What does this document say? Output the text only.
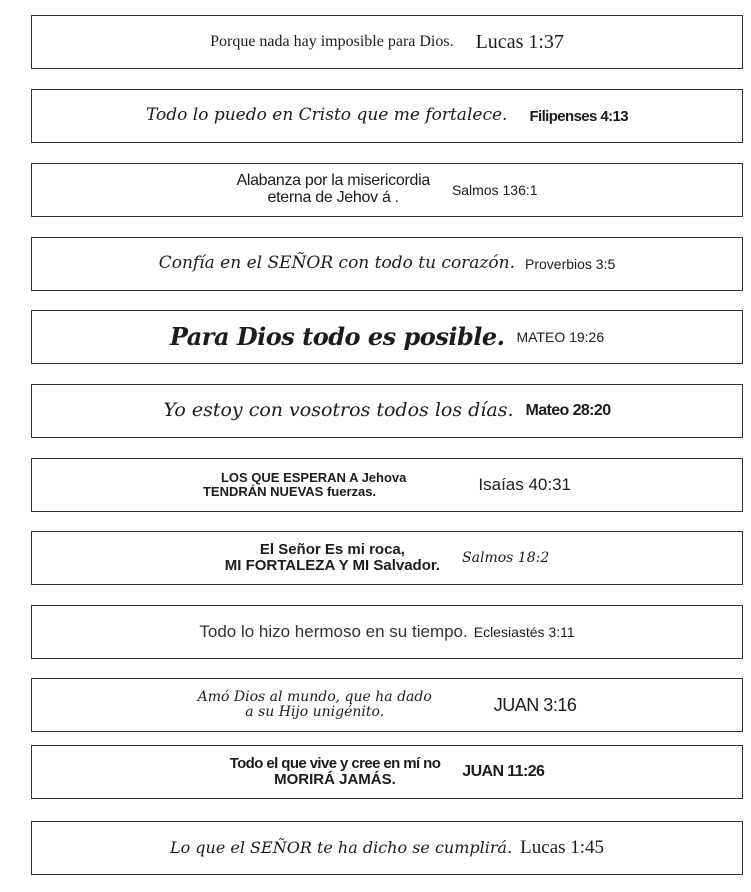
Porque nada hay imposible para Dios. Lucas 1:37
Todo lo puedo en Cristo que me fortalece. Filipenses 4:13
Alabanza por la misericordia
eterna de Jehov á .	Salmos 136:1
Confía en el SEÑOR con todo tu corazón. Proverbios 3:5
Para Dios todo es posible. MATEO 19:26
Yo estoy con vosotros todos los días. Mateo 28:20
LOS QUE ESPERAN A Jehova
TENDRÁN NUEVAS fuerzas.	Isaías 40:31
El Señor Es mi roca,
MI FORTALEZA Y MI Salvador. Salmos 18:2
Todo lo hizo hermoso en su tiempo. Eclesiastés 3:11
Amó Dios al mundo, que ha dado
a su Hijo unigénito.	JUAN 3:16
Todo el que vive y cree en mí no
MORIRÁ JAMÁS.	JUAN 11:26
Lo que el SEÑOR te ha dicho se cumplirá. Lucas 1:45
